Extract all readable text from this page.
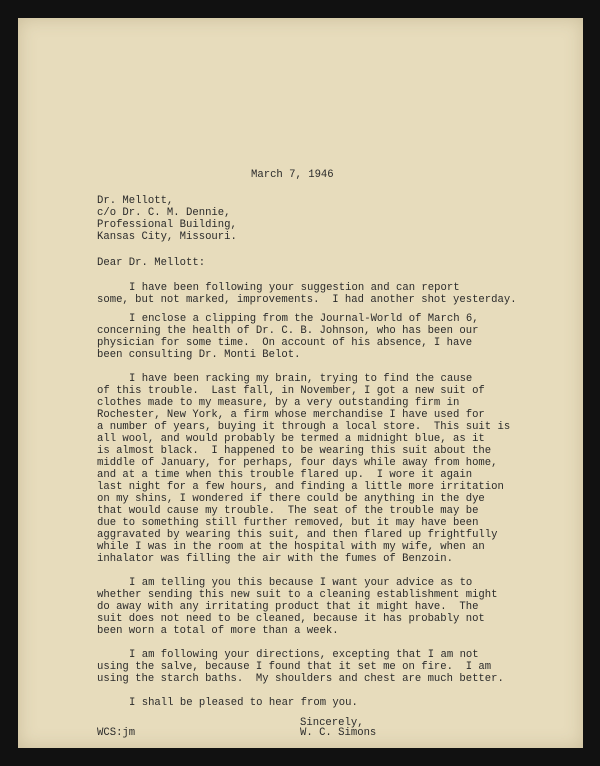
March 7, 1946
Dr. Mellott,
c/o Dr. C. M. Dennie,
Professional Building,
Kansas City, Missouri.
Dear Dr. Mellott:
I have been following your suggestion and can report
some, but not marked, improvements.  I had another shot yesterday.
I enclose a clipping from the Journal-World of March 6,
concerning the health of Dr. C. B. Johnson, who has been our
physician for some time.  On account of his absence, I have
been consulting Dr. Monti Belot.
I have been racking my brain, trying to find the cause
of this trouble.  Last fall, in November, I got a new suit of
clothes made to my measure, by a very outstanding firm in
Rochester, New York, a firm whose merchandise I have used for
a number of years, buying it through a local store.  This suit is
all wool, and would probably be termed a midnight blue, as it
is almost black.  I happened to be wearing this suit about the
middle of January, for perhaps, four days while away from home,
and at a time when this trouble flared up.  I wore it again
last night for a few hours, and finding a little more irritation
on my shins, I wondered if there could be anything in the dye
that would cause my trouble.  The seat of the trouble may be
due to something still further removed, but it may have been
aggravated by wearing this suit, and then flared up frightfully
while I was in the room at the hospital with my wife, when an
inhalator was filling the air with the fumes of Benzoin.
I am telling you this because I want your advice as to
whether sending this new suit to a cleaning establishment might
do away with any irritating product that it might have.  The
suit does not need to be cleaned, because it has probably not
been worn a total of more than a week.
I am following your directions, excepting that I am not
using the salve, because I found that it set me on fire.  I am
using the starch baths.  My shoulders and chest are much better.
I shall be pleased to hear from you.
Sincerely,
WCS:jm	W. C. Simons
